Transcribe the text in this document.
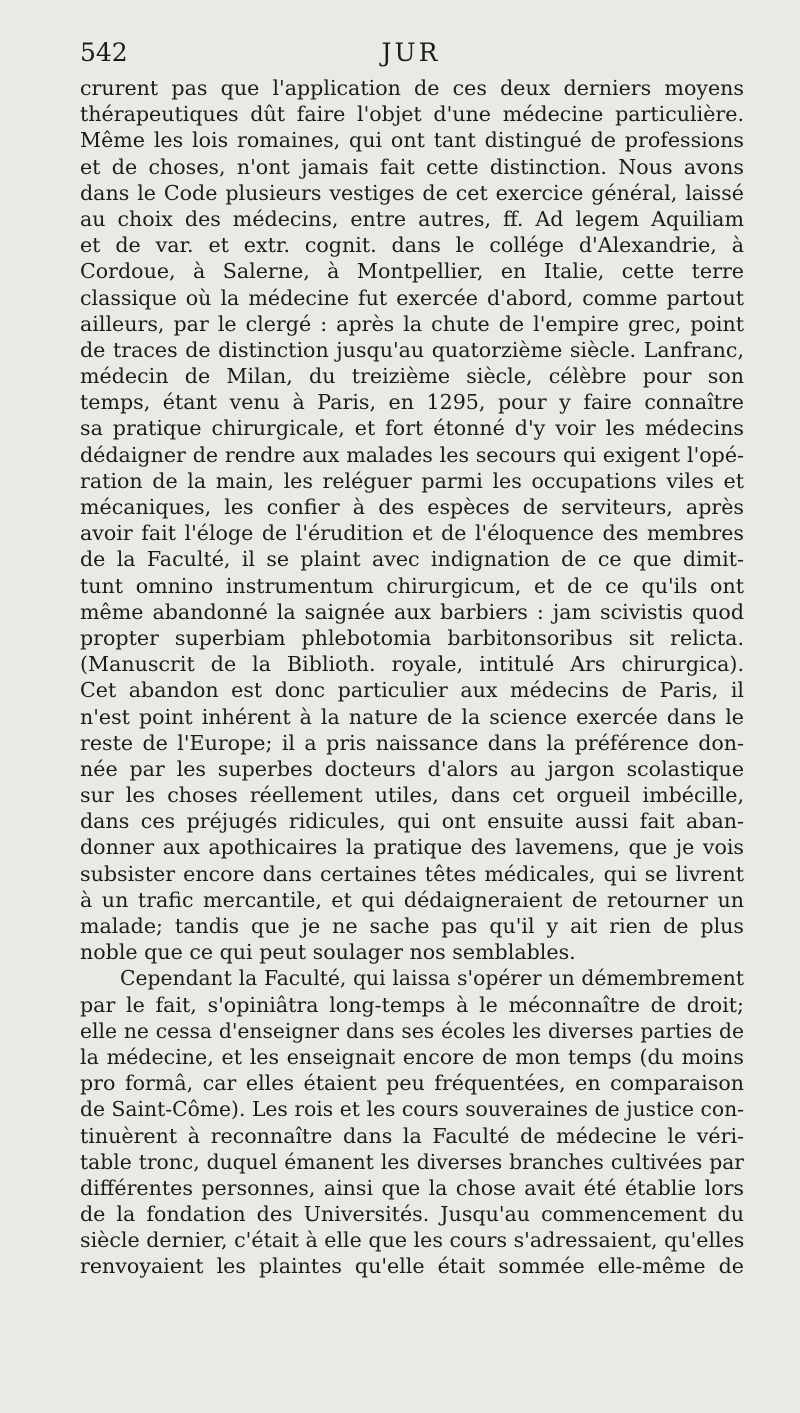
542	JUR
crurent pas que l'application de ces deux derniers moyens
thérapeutiques dût faire l'objet d'une médecine particulière.
Même les lois romaines, qui ont tant distingué de professions
et de choses, n'ont jamais fait cette distinction. Nous avons
dans le Code plusieurs vestiges de cet exercice général, laissé
au choix des médecins, entre autres, ff. Ad legem Aquiliam
et de var. et extr. cognit. dans le collége d'Alexandrie, à
Cordoue, à Salerne, à Montpellier, en Italie, cette terre
classique où la médecine fut exercée d'abord, comme partout
ailleurs, par le clergé : après la chute de l'empire grec, point
de traces de distinction jusqu'au quatorzième siècle. Lanfranc,
médecin de Milan, du treizième siècle, célèbre pour son
temps, étant venu à Paris, en 1295, pour y faire connaître
sa pratique chirurgicale, et fort étonné d'y voir les médecins
dédaigner de rendre aux malades les secours qui exigent l'opé-
ration de la main, les reléguer parmi les occupations viles et
mécaniques, les confier à des espèces de serviteurs, après
avoir fait l'éloge de l'érudition et de l'éloquence des membres
de la Faculté, il se plaint avec indignation de ce que dimit-
tunt omnino instrumentum chirurgicum, et de ce qu'ils ont
même abandonné la saignée aux barbiers : jam scivistis quod
propter superbiam phlebotomia barbitonsoribus sit relicta.
(Manuscrit de la Biblioth. royale, intitulé Ars chirurgica).
Cet abandon est donc particulier aux médecins de Paris, il
n'est point inhérent à la nature de la science exercée dans le
reste de l'Europe; il a pris naissance dans la préférence don-
née par les superbes docteurs d'alors au jargon scolastique
sur les choses réellement utiles, dans cet orgueil imbécille,
dans ces préjugés ridicules, qui ont ensuite aussi fait aban-
donner aux apothicaires la pratique des lavemens, que je vois
subsister encore dans certaines têtes médicales, qui se livrent
à un trafic mercantile, et qui dédaigneraient de retourner un
malade; tandis que je ne sache pas qu'il y ait rien de plus
noble que ce qui peut soulager nos semblables.
Cependant la Faculté, qui laissa s'opérer un démembrement
par le fait, s'opiniâtra long-temps à le méconnaître de droit;
elle ne cessa d'enseigner dans ses écoles les diverses parties de
la médecine, et les enseignait encore de mon temps (du moins
pro formâ, car elles étaient peu fréquentées, en comparaison
de Saint-Côme). Les rois et les cours souveraines de justice con-
tinuèrent à reconnaître dans la Faculté de médecine le véri-
table tronc, duquel émanent les diverses branches cultivées par
différentes personnes, ainsi que la chose avait été établie lors
de la fondation des Universités. Jusqu'au commencement du
siècle dernier, c'était à elle que les cours s'adressaient, qu'elles
renvoyaient les plaintes qu'elle était sommée elle-même de
